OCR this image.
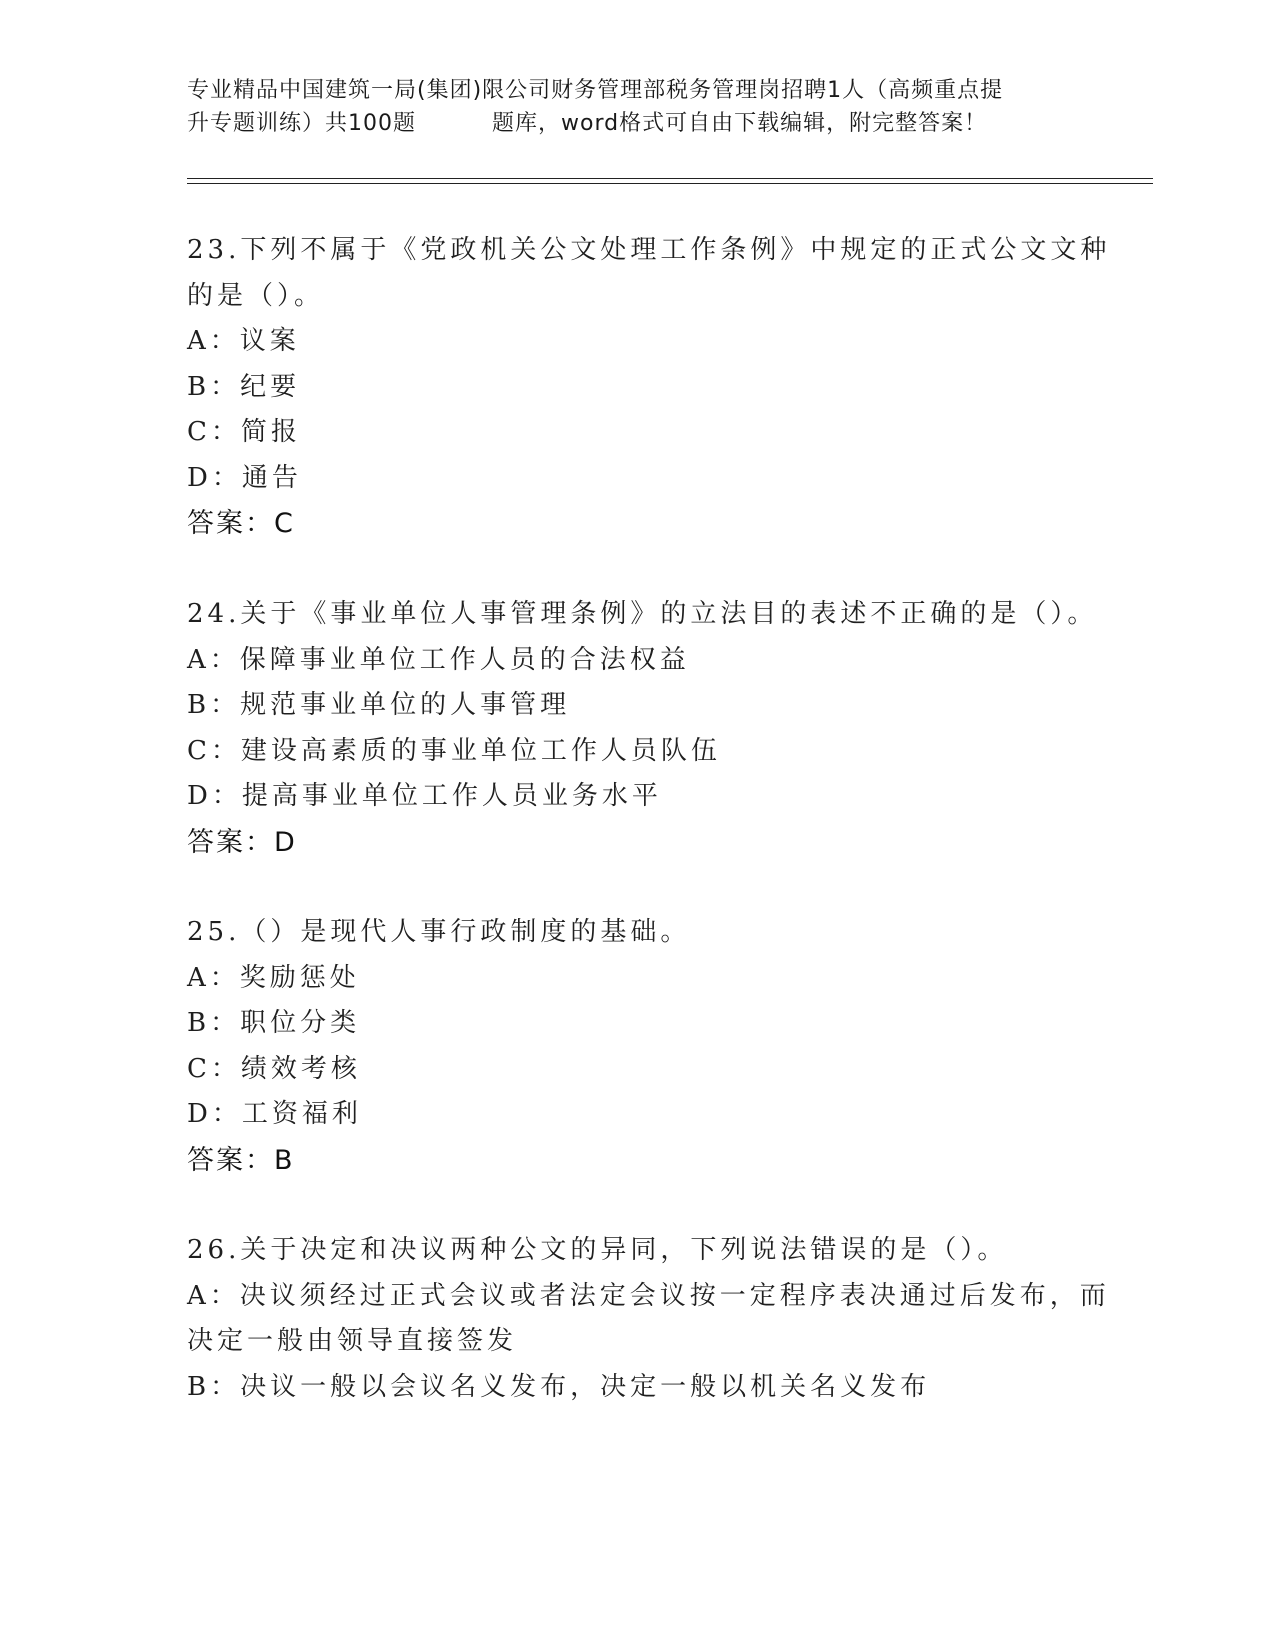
专业精品中国建筑一局(集团)限公司财务管理部税务管理岗招聘1人（高频重点提
升专题训练）共100题	题库，word格式可自由下载编辑，附完整答案！
23.下列不属于《党政机关公文处理工作条例》中规定的正式公文文种
的是（）。
A：议案
B：纪要
C：简报
D：通告
答案：C
24.关于《事业单位人事管理条例》的立法目的表述不正确的是（）。
A：保障事业单位工作人员的合法权益
B：规范事业单位的人事管理
C：建设高素质的事业单位工作人员队伍
D：提高事业单位工作人员业务水平
答案：D
25.（）是现代人事行政制度的基础。
A：奖励惩处
B：职位分类
C：绩效考核
D：工资福利
答案：B
26.关于决定和决议两种公文的异同，下列说法错误的是（）。
A：决议须经过正式会议或者法定会议按一定程序表决通过后发布，而
决定一般由领导直接签发
B：决议一般以会议名义发布，决定一般以机关名义发布
